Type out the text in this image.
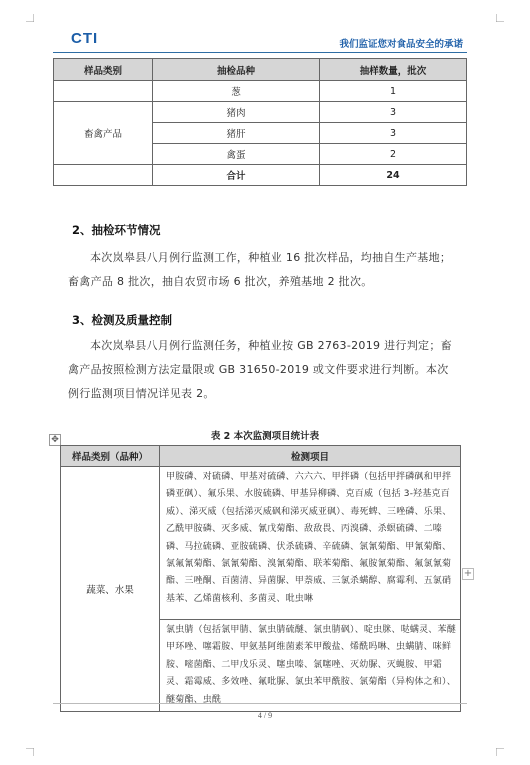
CTI	我们监证您对食品安全的承诺
样品类别	抽检品种	抽样数量，批次
	葱	1
畜禽产品	猪肉	3
	猪肝	3
	禽蛋	2
	合计	24
2、抽检环节情况
本次岚皋县八月例行监测工作，种植业 16 批次样品，均抽自生产基地；畜禽产品 8 批次，抽自农贸市场 6 批次，养殖基地 2 批次。
3、检测及质量控制
本次岚皋县八月例行监测任务，种植业按 GB 2763-2019 进行判定；畜禽产品按照检测方法定量限或 GB 31650-2019 或文件要求进行判断。本次例行监测项目情况详见表 2。
✥	表 2 本次监测项目统计表
样品类别（品种）	检测项目
蔬菜、水果	甲胺磷、对硫磷、甲基对硫磷、六六六、甲拌磷（包括甲拌磷砜和甲拌磷亚砜）、氟乐果、水胺硫磷、甲基异柳磷、克百威（包括 3-羟基克百威）、涕灭威（包括涕灭威砜和涕灭威亚砜）、毒死蜱、三唑磷、乐果、乙酰甲胺磷、灭多威、氰戊菊酯、敌敌畏、丙溴磷、杀螟硫磷、二嗪磷、马拉硫磷、亚胺硫磷、伏杀硫磷、辛硫磷、氯氰菊酯、甲氰菊酯、氯氟氰菊酯、氯氰菊酯、溴氰菊酯、联苯菊酯、氟胺氰菊酯、氟氯氰菊酯、三唑酮、百菌清、异菌脲、甲萘威、三氯杀螨醇、腐霉利、五氯硝基苯、乙烯菌核利、多菌灵、吡虫啉
	氯虫腈（包括氯甲腈、氯虫腈硫醚、氯虫腈砜）、啶虫脒、哒螨灵、苯醚甲环唑、噻霜胺、甲氨基阿维菌素苯甲酸盐、烯酰吗啉、虫螨腈、咪鲜胺、嘧菌酯、二甲戊乐灵、噻虫嗪、氯噻唑、灭幼脲、灭蝇胺、甲霜灵、霜霉威、多效唑、氟吡脲、氯虫苯甲酰胺、氯菊酯（异构体之和）、醚菊酯、虫酰
+
4 / 9
